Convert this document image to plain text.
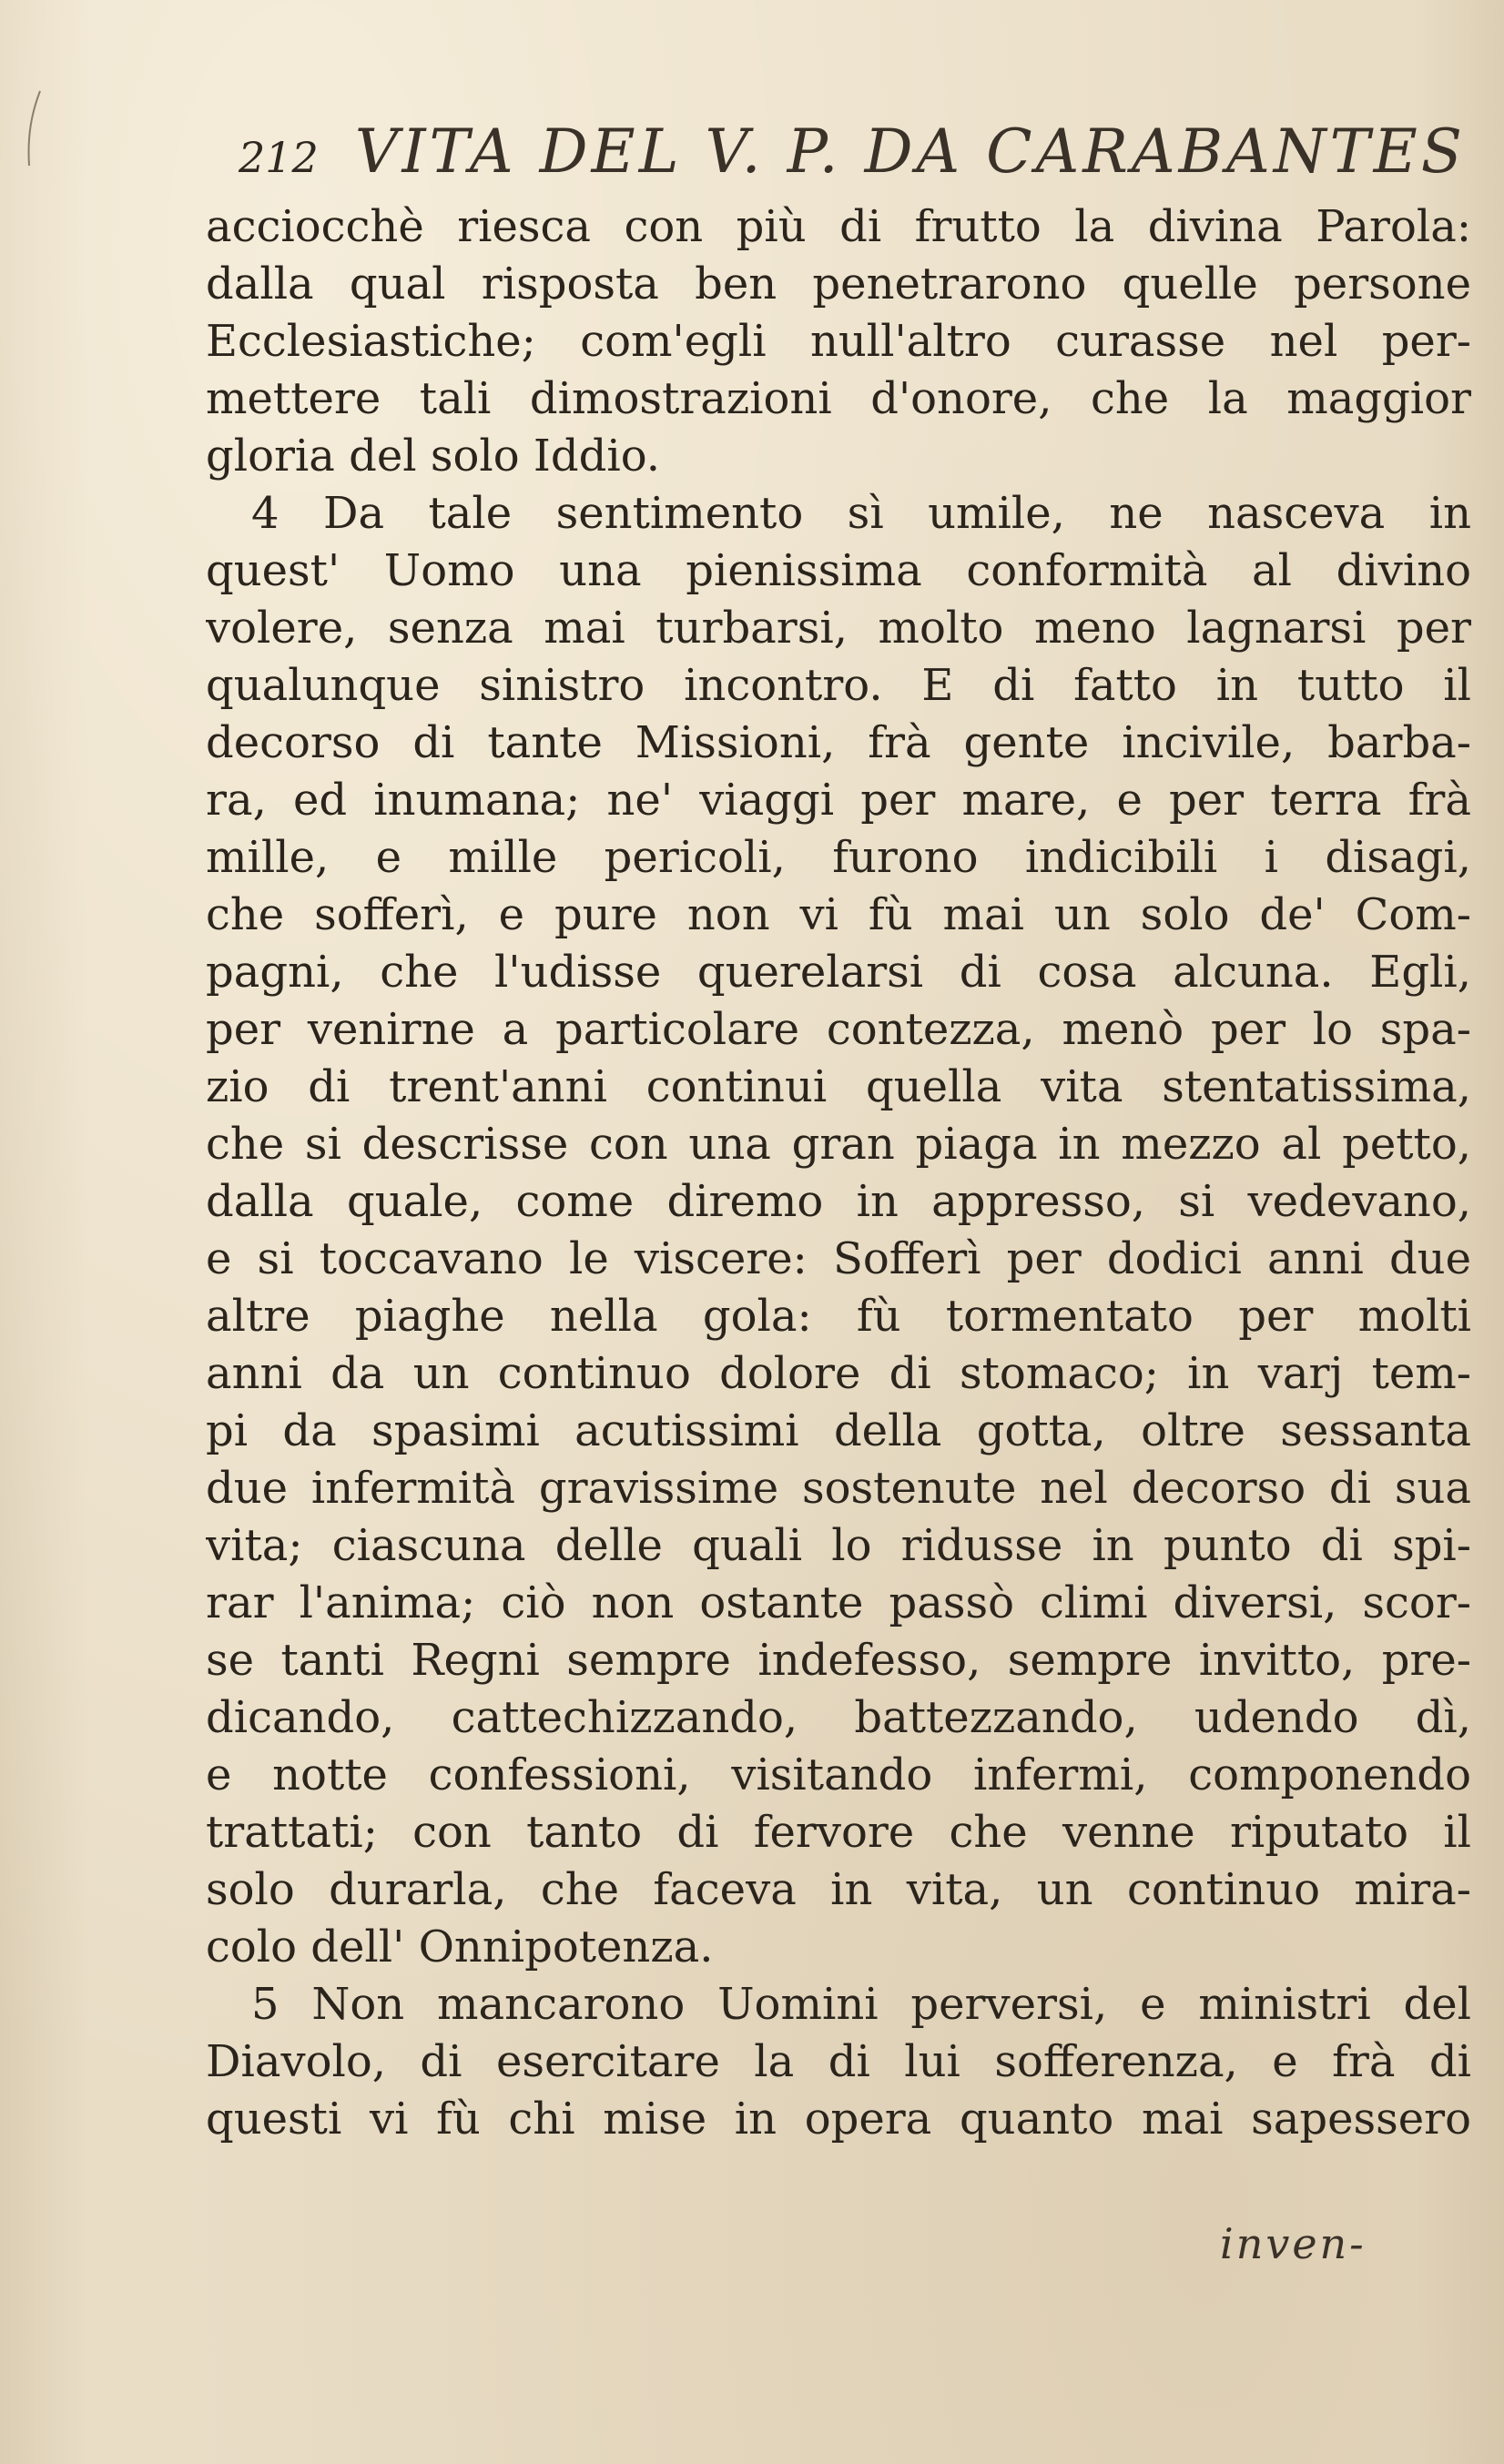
212 VITA DEL V. P. DA CARABANTES
acciocchè riesca con più di frutto la divina Parola:
dalla qual rispostа ben penetrarono quelle persone
Ecclesiastiche; com'egli null'altro curasse nel per-
mettere tali dimostrazioni d'onore, che la maggior
gloria del solo Iddio.
4 Da tale sentimento sì umile, ne nasceva in
quest' Uomo una pienissima conformità al divino
volere, senza mai turbarsi, molto meno lagnarsi per
qualunque sinistro incontro. E di fatto in tutto il
decorso di tante Missioni, frà gente incivile, barba-
ra, ed inumana; ne' viaggi per mare, e per terra frà
mille, e mille pericoli, furono indicibili i disagi,
che sofferì, e pure non vi fù mai un solo de' Com-
pagni, che l'udisse querelarsi di cosa alcuna. Egli,
per venirne a particolare contezza, menò per lo spa-
zio di trent'anni continui quella vita stentatissima,
che si descrisse con una gran piaga in mezzo al petto,
dalla quale, come diremo in appresso, si vedevano,
e si toccavano le viscere: Sofferì per dodici anni due
altre piaghe nella gola: fù tormentato per molti
anni da un continuo dolore di stomaco; in varj tem-
pi da spasimi acutissimi della gotta, oltre sessanta
due infermità gravissime sostenute nel decorso di sua
vita; ciascuna delle quali lo ridusse in punto di spi-
rar l'anima; ciò non ostante passò climi diversi, scor-
se tanti Regni sempre indefesso, sempre invitto, pre-
dicando, cattechizzando, battezzando, udendo dì,
e notte confessioni, visitando infermi, componendo
trattati; con tanto di fervore che venne riputato il
solo durarla, che faceva in vita, un continuo mira-
colo dell' Onnipotenza.
5 Non mancarono Uomini perversi, e ministri del
Diavolo, di esercitare la di lui sofferenza, e frà di
questi vi fù chi mise in opera quanto mai sapessero
inven-
